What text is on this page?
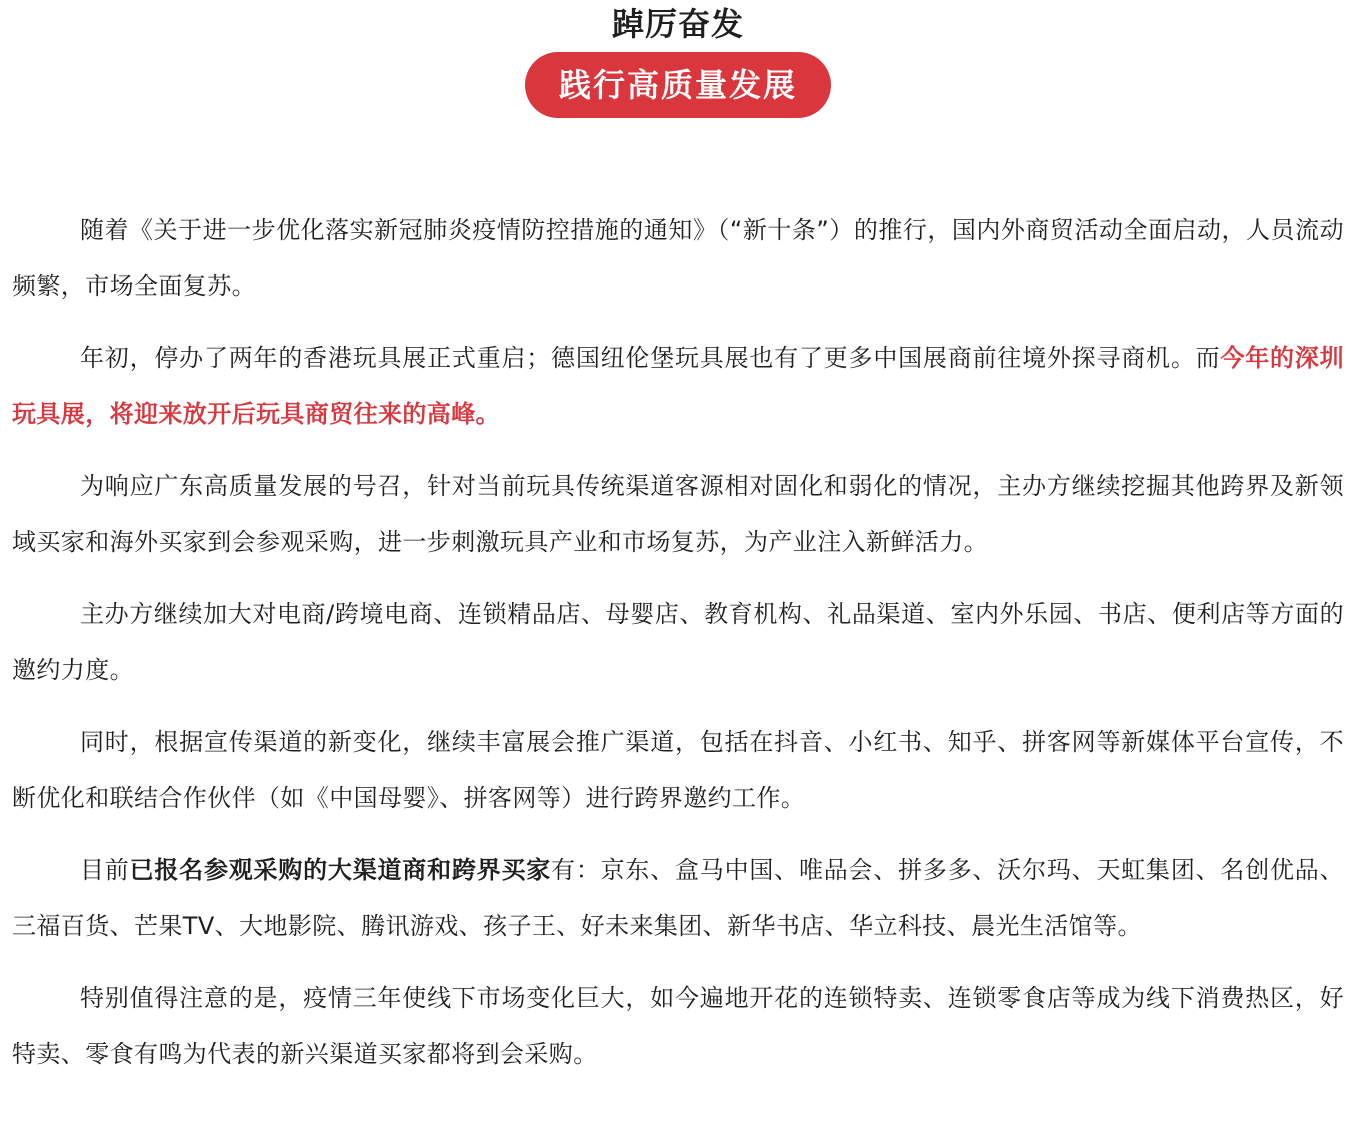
踔厉奋发
践行高质量发展

随着《关于进一步优化落实新冠肺炎疫情防控措施的通知》（“新十条”）的推行，国内外商贸活动全面启动，人员流动频繁，市场全面复苏。

年初，停办了两年的香港玩具展正式重启；德国纽伦堡玩具展也有了更多中国展商前往境外探寻商机。而今年的深圳玩具展，将迎来放开后玩具商贸往来的高峰。

为响应广东高质量发展的号召，针对当前玩具传统渠道客源相对固化和弱化的情况，主办方继续挖掘其他跨界及新领域买家和海外买家到会参观采购，进一步刺激玩具产业和市场复苏，为产业注入新鲜活力。

主办方继续加大对电商/跨境电商、连锁精品店、母婴店、教育机构、礼品渠道、室内外乐园、书店、便利店等方面的邀约力度。

同时，根据宣传渠道的新变化，继续丰富展会推广渠道，包括在抖音、小红书、知乎、拼客网等新媒体平台宣传，不断优化和联结合作伙伴（如《中国母婴》、拼客网等）进行跨界邀约工作。

目前已报名参观采购的大渠道商和跨界买家有：京东、盒马中国、唯品会、拼多多、沃尔玛、天虹集团、名创优品、三福百货、芒果TV、大地影院、腾讯游戏、孩子王、好未来集团、新华书店、华立科技、晨光生活馆等。

特别值得注意的是，疫情三年使线下市场变化巨大，如今遍地开花的连锁特卖、连锁零食店等成为线下消费热区，好特卖、零食有鸣为代表的新兴渠道买家都将到会采购。
